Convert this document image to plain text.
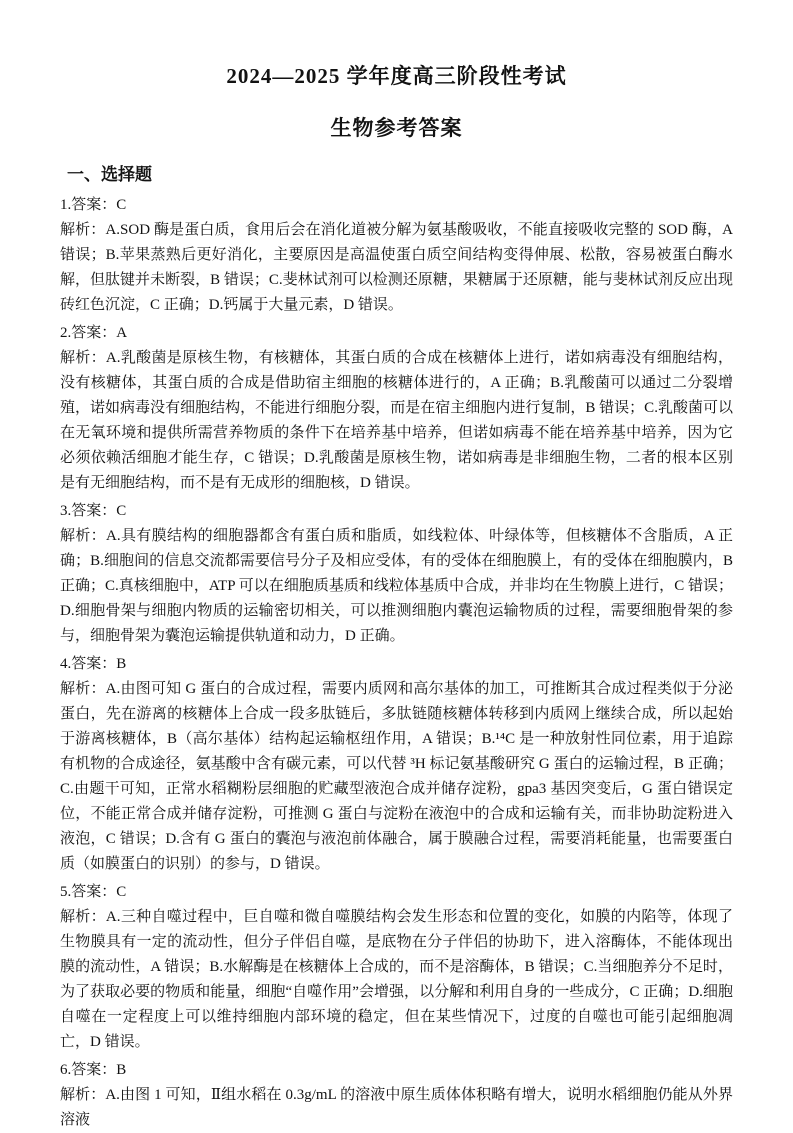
2024—2025 学年度高三阶段性考试
生物参考答案
一、选择题
1.答案：C
解析：A.SOD 酶是蛋白质，食用后会在消化道被分解为氨基酸吸收，不能直接吸收完整的 SOD 酶，A 错误；B.苹果蒸熟后更好消化，主要原因是高温使蛋白质空间结构变得伸展、松散，容易被蛋白酶水解，但肽键并未断裂，B 错误；C.斐林试剂可以检测还原糖，果糖属于还原糖，能与斐林试剂反应出现砖红色沉淀，C 正确；D.钙属于大量元素，D 错误。
2.答案：A
解析：A.乳酸菌是原核生物，有核糖体，其蛋白质的合成在核糖体上进行，诺如病毒没有细胞结构，没有核糖体，其蛋白质的合成是借助宿主细胞的核糖体进行的，A 正确；B.乳酸菌可以通过二分裂增殖，诺如病毒没有细胞结构，不能进行细胞分裂，而是在宿主细胞内进行复制，B 错误；C.乳酸菌可以在无氧环境和提供所需营养物质的条件下在培养基中培养，但诺如病毒不能在培养基中培养，因为它必须依赖活细胞才能生存，C 错误；D.乳酸菌是原核生物，诺如病毒是非细胞生物，二者的根本区别是有无细胞结构，而不是有无成形的细胞核，D 错误。
3.答案：C
解析：A.具有膜结构的细胞器都含有蛋白质和脂质，如线粒体、叶绿体等，但核糖体不含脂质，A 正确；B.细胞间的信息交流都需要信号分子及相应受体，有的受体在细胞膜上，有的受体在细胞膜内，B 正确；C.真核细胞中，ATP 可以在细胞质基质和线粒体基质中合成，并非均在生物膜上进行，C 错误；D.细胞骨架与细胞内物质的运输密切相关，可以推测细胞内囊泡运输物质的过程，需要细胞骨架的参与，细胞骨架为囊泡运输提供轨道和动力，D 正确。
4.答案：B
解析：A.由图可知 G 蛋白的合成过程，需要内质网和高尔基体的加工，可推断其合成过程类似于分泌蛋白，先在游离的核糖体上合成一段多肽链后，多肽链随核糖体转移到内质网上继续合成，所以起始于游离核糖体，B（高尔基体）结构起运输枢纽作用，A 错误；B.¹⁴C 是一种放射性同位素，用于追踪有机物的合成途径，氨基酸中含有碳元素，可以代替 ³H 标记氨基酸研究 G 蛋白的运输过程，B 正确；C.由题干可知，正常水稻糊粉层细胞的贮藏型液泡合成并储存淀粉，gpa3 基因突变后，G 蛋白错误定位，不能正常合成并储存淀粉，可推测 G 蛋白与淀粉在液泡中的合成和运输有关，而非协助淀粉进入液泡，C 错误；D.含有 G 蛋白的囊泡与液泡前体融合，属于膜融合过程，需要消耗能量，也需要蛋白质（如膜蛋白的识别）的参与，D 错误。
5.答案：C
解析：A.三种自噬过程中，巨自噬和微自噬膜结构会发生形态和位置的变化，如膜的内陷等，体现了生物膜具有一定的流动性，但分子伴侣自噬，是底物在分子伴侣的协助下，进入溶酶体，不能体现出膜的流动性，A 错误；B.水解酶是在核糖体上合成的，而不是溶酶体，B 错误；C.当细胞养分不足时，为了获取必要的物质和能量，细胞“自噬作用”会增强，以分解和利用自身的一些成分，C 正确；D.细胞自噬在一定程度上可以维持细胞内部环境的稳定，但在某些情况下，过度的自噬也可能引起细胞凋亡，D 错误。
6.答案：B
解析：A.由图 1 可知，Ⅱ组水稻在 0.3g/mL 的溶液中原生质体体积略有增大，说明水稻细胞仍能从外界溶液
